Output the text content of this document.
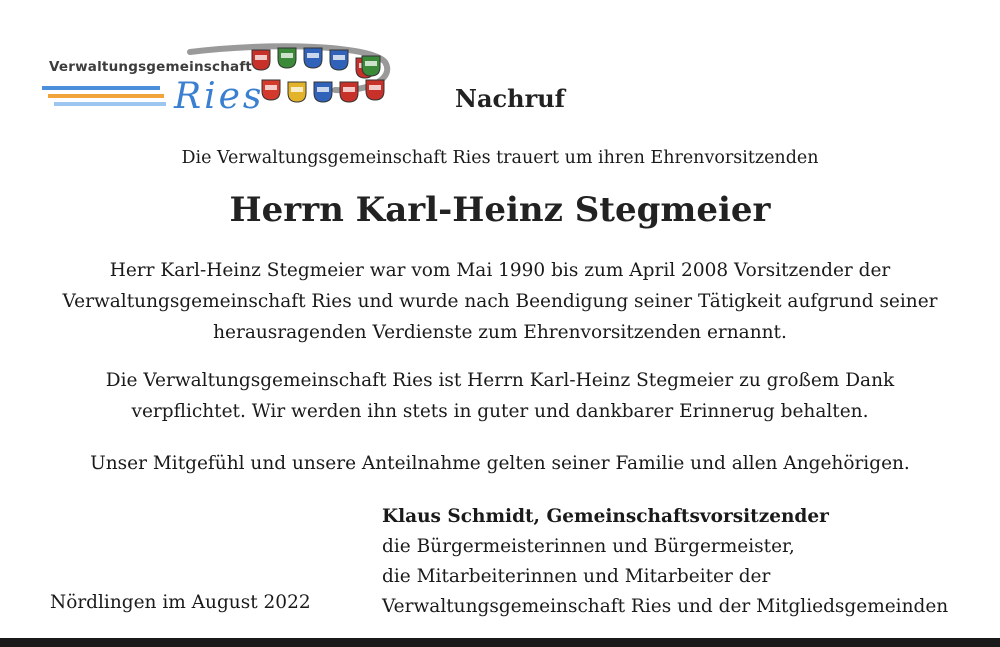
Verwaltungsgemeinschaft

Ries	Nachruf

Die Verwaltungsgemeinschaft Ries trauert um ihren Ehrenvorsitzenden

Herrn Karl-Heinz Stegmeier

Herr Karl-Heinz Stegmeier war vom Mai 1990 bis zum April 2008 Vorsitzender der
Verwaltungsgemeinschaft Ries und wurde nach Beendigung seiner Tätigkeit aufgrund seiner
herausragenden Verdienste zum Ehrenvorsitzenden ernannt.

Die Verwaltungsgemeinschaft Ries ist Herrn Karl-Heinz Stegmeier zu großem Dank
verpflichtet. Wir werden ihn stets in guter und dankbarer Erinnerug behalten.

Unser Mitgefühl und unsere Anteilnahme gelten seiner Familie und allen Angehörigen.

Klaus Schmidt, Gemeinschaftsvorsitzender
die Bürgermeisterinnen und Bürgermeister,
die Mitarbeiterinnen und Mitarbeiter der
Verwaltungsgemeinschaft Ries und der Mitgliedsgemeinden

Nördlingen im August 2022
